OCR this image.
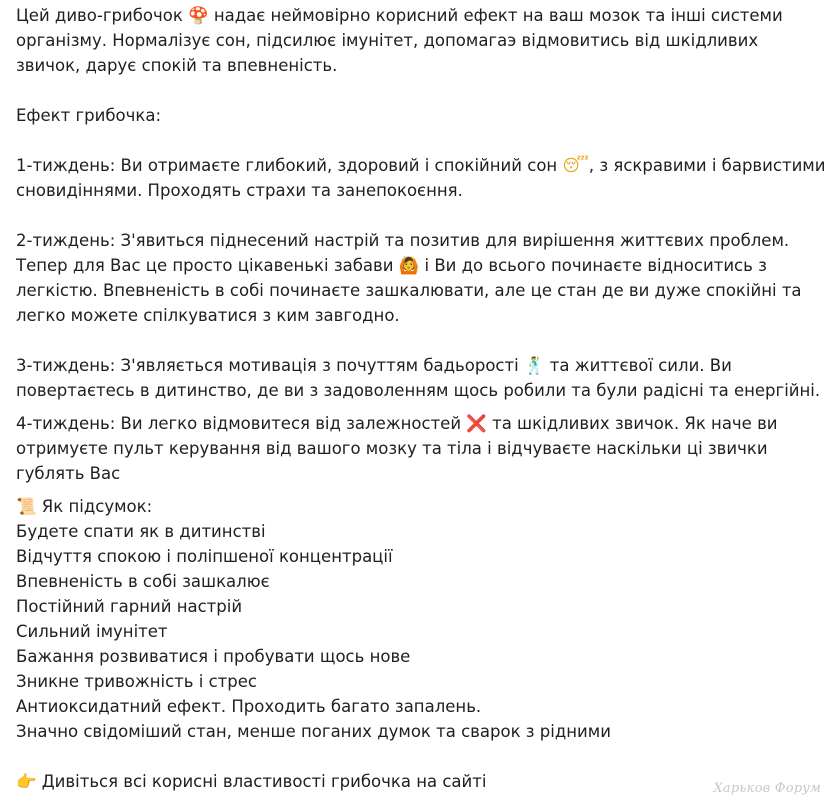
Цей диво-грибочок 🍄 надає неймовірно корисний ефект на ваш мозок та інші системи організму. Нормалізує сон, підсилює імунітет, допомагаэ відмовитись від шкідливих звичок, дарує спокій та впевненість.

Ефект грибочка:

1-тиждень: Ви отримаєте глибокий, здоровий і спокійний сон 😴, з яскравими і барвистими сновидіннями. Проходять страхи та занепокоєння.

2-тиждень: З'явиться піднесений настрій та позитив для вирішення життєвих проблем. Тепер для Вас це просто цікавенькі забави 🙆 і Ви до всього починаєте відноситись з легкістю. Впевненість в собі починаєте зашкалювати, але це стан де ви дуже спокійні та легко можете спілкуватися з ким завгодно.

3-тиждень: З'являється мотивація з почуттям бадьорості 🕺 та життєвої сили. Ви повертаєтесь в дитинство, де ви з задоволенням щось робили та були радісні та енергійні.

4-тиждень: Ви легко відмовитеся від залежностей ❌ та шкідливих звичок. Як наче ви отримуєте пульт керування від вашого мозку та тіла і відчуваєте наскільки ці звички гублять Вас

📜 Як підсумок:

Будете спати як в дитинстві

Відчуття спокою і поліпшеної концентрації

Впевненість в собі зашкалює

Постійний гарний настрій

Сильний імунітет

Бажання розвиватися і пробувати щось нове

Зникне тривожність і стрес

Антиоксидатний ефект. Проходить багато запалень.

Значно свідоміший стан, менше поганих думок та сварок з рідними

👉 Дивіться всі корисні властивості грибочка на сайті	Харьков Форум
